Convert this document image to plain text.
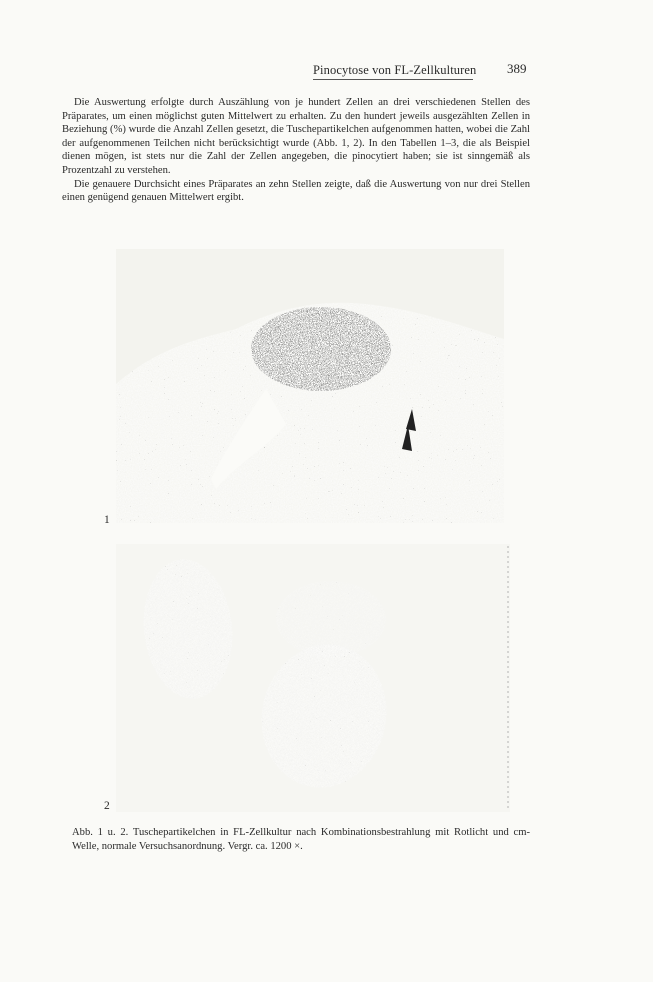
Pinocytose von FL-Zellkulturen 389

Die Auswertung erfolgte durch Auszählung von je hundert Zellen an drei verschiedenen Stellen des Präparates, um einen möglichst guten Mittelwert zu erhalten. Zu den hundert jeweils ausgezählten Zellen in Beziehung (%) wurde die Anzahl Zellen gesetzt, die Tuschepartikelchen aufgenommen hatten, wobei die Zahl der aufgenommenen Teilchen nicht berücksichtigt wurde (Abb. 1, 2). In den Tabellen 1–3, die als Beispiel dienen mögen, ist stets nur die Zahl der Zellen angegeben, die pinocytiert haben; sie ist sinngemäß als Prozentzahl zu verstehen.

Die genauere Durchsicht eines Präparates an zehn Stellen zeigte, daß die Auswertung von nur drei Stellen einen genügend genauen Mittelwert ergibt.

1
2
Abb. 1 u. 2. Tuschepartikelchen in FL-Zellkultur nach Kombinationsbestrahlung mit Rotlicht und cm-Welle, normale Versuchsanordnung. Vergr. ca. 1200 ×.
